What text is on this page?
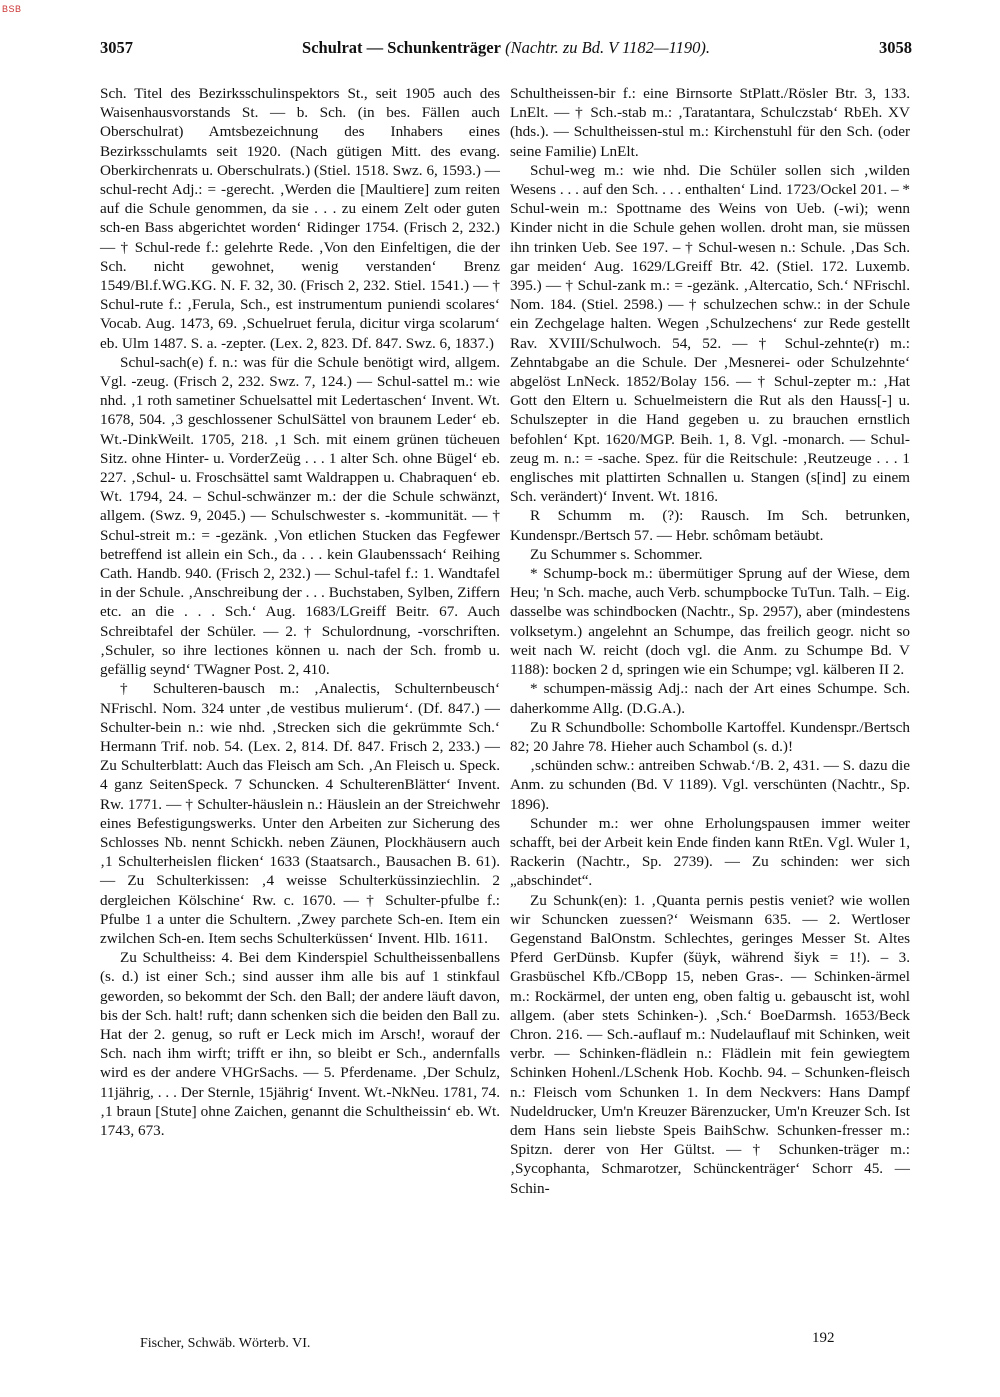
BSB
3057	Schulrat — Schunkenträger (Nachtr. zu Bd. V 1182—1190).	3058

Sch. Titel des Bezirksschulinspektors St., seit 1905 auch des Waisenhausvorstands St. — b. Sch. (in bes. Fällen auch Oberschulrat) Amtsbezeichnung des Inhabers eines Bezirksschulamts seit 1920. (Nach gütigen Mitt. des evang. Oberkirchenrats u. Oberschulrats.) (Stiel. 1518. Swz. 6, 1593.) — schul-recht Adj.: = -gerecht. ‚Werden die [Maultiere] zum reiten auf die Schule genommen, da sie . . . zu einem Zelt oder guten sch-en Bass abgerichtet worden‘ Ridinger 1754. (Frisch 2, 232.) — † Schul-rede f.: gelehrte Rede. ‚Von den Einfeltigen, die der Sch. nicht gewohnet, wenig verstanden‘ Brenz 1549/Bl.f.WG.KG. N. F. 32, 30. (Frisch 2, 232. Stiel. 1541.) — † Schul-rute f.: ‚Ferula, Sch., est instrumentum puniendi scolares‘ Vocab. Aug. 1473, 69. ‚Schuelruet ferula, dicitur virga scolarum‘ eb. Ulm 1487. S. a. -zepter. (Lex. 2, 823. Df. 847. Swz. 6, 1837.)

Schul-sach(e) f. n.: was für die Schule benötigt wird, allgem. Vgl. -zeug. (Frisch 2, 232. Swz. 7, 124.) — Schul-sattel m.: wie nhd. ‚1 roth sametiner Schuelsattel mit Ledertaschen‘ Invent. Wt. 1678, 504. ‚3 geschlossener SchulSättel von braunem Leder‘ eb. Wt.-DinkWeilt. 1705, 218. ‚1 Sch. mit einem grünen tücheuen Sitz. ohne Hinter- u. VorderZeüg . . . 1 alter Sch. ohne Bügel‘ eb. 227. ‚Schul- u. Froschsättel samt Waldrappen u. Chabraquen‘ eb. Wt. 1794, 24. – Schul-schwänzer m.: der die Schule schwänzt, allgem. (Swz. 9, 2045.) — Schulschwester s. -kommunität. — † Schul-streit m.: = -gezänk. ‚Von etlichen Stucken das Fegfewer betreffend ist allein ein Sch., da . . . kein Glaubenssach‘ Reihing Cath. Handb. 940. (Frisch 2, 232.) — Schul-tafel f.: 1. Wandtafel in der Schule. ‚Anschreibung der . . . Buchstaben, Sylben, Ziffern etc. an die . . . Sch.‘ Aug. 1683/LGreiff Beitr. 67. Auch Schreibtafel der Schüler. — 2. † Schulordnung, -vorschriften. ‚Schuler, so ihre lectiones können u. nach der Sch. fromb u. gefällig seynd‘ TWagner Post. 2, 410.

† Schulteren-bausch m.: ‚Analectis, Schulternbeusch‘ NFrischl. Nom. 324 unter ‚de vestibus mulierum‘. (Df. 847.) — Schulter-bein n.: wie nhd. ‚Strecken sich die gekrümmte Sch.‘ Hermann Trif. nob. 54. (Lex. 2, 814. Df. 847. Frisch 2, 233.) — Zu Schulterblatt: Auch das Fleisch am Sch. ‚An Fleisch u. Speck. 4 ganz SeitenSpeck. 7 Schuncken. 4 SchulterenBlätter‘ Invent. Rw. 1771. — † Schulter-häuslein n.: Häuslein an der Streichwehr eines Befestigungswerks. Unter den Arbeiten zur Sicherung des Schlosses Nb. nennt Schickh. neben Zäunen, Plockhäusern auch ‚1 Schulterheislen flicken‘ 1633 (Staatsarch., Bausachen B. 61). — Zu Schulterkissen: ‚4 weisse Schulterküssinziechlin. 2 dergleichen Kölschine‘ Rw. c. 1670. — † Schulter-pfulbe f.: Pfulbe 1 a unter die Schultern. ‚Zwey parchete Sch-en. Item ein zwilchen Sch-en. Item sechs Schulterküssen‘ Invent. Hlb. 1611.

Zu Schultheiss: 4. Bei dem Kinderspiel Schultheissenballens (s. d.) ist einer Sch.; sind ausser ihm alle bis auf 1 stinkfaul geworden, so bekommt der Sch. den Ball; der andere läuft davon, bis der Sch. halt! ruft; dann schenken sich die beiden den Ball zu. Hat der 2. genug, so ruft er Leck mich im Arsch!, worauf der Sch. nach ihm wirft; trifft er ihn, so bleibt er Sch., andernfalls wird es der andere VHGrSachs. — 5. Pferdename. ‚Der Schulz, 11jährig, . . . Der Sternle, 15jährig‘ Invent. Wt.-NkNeu. 1781, 74. ‚1 braun [Stute] ohne Zaichen, genannt die Schultheissin‘ eb. Wt. 1743, 673.

Schultheissen-bir f.: eine Birnsorte StPlatt./Rösler Btr. 3, 133. LnElt. — † Sch.-stab m.: ‚Taratantara, Schulczstab‘ RbEh. XV (hds.). — Schultheissen-stul m.: Kirchenstuhl für den Sch. (oder seine Familie) LnElt.

Schul-weg m.: wie nhd. Die Schüler sollen sich ‚wilden Wesens . . . auf den Sch. . . . enthalten‘ Lind. 1723/Ockel 201. – * Schul-wein m.: Spottname des Weins von Ueb. (-wi); wenn Kinder nicht in die Schule gehen wollen. droht man, sie müssen ihn trinken Ueb. See 197. – † Schul-wesen n.: Schule. ‚Das Sch. gar meiden‘ Aug. 1629/LGreiff Btr. 42. (Stiel. 172. Luxemb. 395.) — † Schul-zank m.: = -gezänk. ‚Altercatio, Sch.‘ NFrischl. Nom. 184. (Stiel. 2598.) — † schulzechen schw.: in der Schule ein Zechgelage halten. Wegen ‚Schulzechens‘ zur Rede gestellt Rav. XVIII/Schulwoch. 54, 52. — † Schul-zehnte(r) m.: Zehntabgabe an die Schule. Der ‚Mesnerei- oder Schulzehnte‘ abgelöst LnNeck. 1852/Bolay 156. — † Schul-zepter m.: ‚Hat Gott den Eltern u. Schuelmeistern die Rut als den Hauss[-] u. Schulszepter in die Hand gegeben u. zu brauchen ernstlich befohlen‘ Kpt. 1620/MGP. Beih. 1, 8. Vgl. -monarch. — Schul-zeug m. n.: = -sache. Spez. für die Reitschule: ‚Reutzeuge . . . 1 englisches mit plattirten Schnallen u. Stangen (s[ind] zu einem Sch. verändert)‘ Invent. Wt. 1816.

R Schumm m. (?): Rausch. Im Sch. betrunken, Kundenspr./Bertsch 57. — Hebr. schômam betäubt.

Zu Schummer s. Schommer.

* Schump-bock m.: übermütiger Sprung auf der Wiese, dem Heu; 'n Sch. mache, auch Verb. schumpbocke TuTun. Talh. – Eig. dasselbe was schindbocken (Nachtr., Sp. 2957), aber (mindestens volksetym.) angelehnt an Schumpe, das freilich geogr. nicht so weit nach W. reicht (doch vgl. die Anm. zu Schumpe Bd. V 1188): bocken 2 d, springen wie ein Schumpe; vgl. kälberen II 2.

* schumpen-mässig Adj.: nach der Art eines Schumpe. Sch. daherkomme Allg. (D.G.A.).

Zu R Schundbolle: Schombolle Kartoffel. Kundenspr./Bertsch 82; 20 Jahre 78. Hieher auch Schambol (s. d.)!

‚schünden schw.: antreiben Schwab.‘/B. 2, 431. — S. dazu die Anm. zu schunden (Bd. V 1189). Vgl. verschünten (Nachtr., Sp. 1896).

Schunder m.: wer ohne Erholungspausen immer weiter schafft, bei der Arbeit kein Ende finden kann RtEn. Vgl. Wuler 1, Rackerin (Nachtr., Sp. 2739). — Zu schinden: wer sich „abschindet“.

Zu Schunk(en): 1. ‚Quanta pernis pestis veniet? wie wollen wir Schuncken zuessen?‘ Weismann 635. — 2. Wertloser Gegenstand BalOnstm. Schlechtes, geringes Messer St. Altes Pferd GerDünsb. Kupfer (šüyk, während šiyk = 1!). – 3. Grasbüschel Kfb./CBopp 15, neben Gras-. — Schinken-ärmel m.: Rockärmel, der unten eng, oben faltig u. gebauscht ist, wohl allgem. (aber stets Schinken-). ‚Sch.‘ BoeDarmsh. 1653/Beck Chron. 216. — Sch.-auflauf m.: Nudelauflauf mit Schinken, weit verbr. — Schinken-flädlein n.: Flädlein mit fein gewiegtem Schinken Hohenl./LSchenk Hob. Kochb. 94. – Schunken-fleisch n.: Fleisch vom Schunken 1. In dem Neckvers: Hans Dampf Nudeldrucker, Um'n Kreuzer Bärenzucker, Um'n Kreuzer Sch. Ist dem Hans sein liebste Speis BaihSchw. Schunken-fresser m.: Spitzn. derer von Her Gültst. — † Schunken-träger m.: ‚Sycophanta, Schmarotzer, Schünckenträger‘ Schorr 45. — Schin-

Fischer, Schwäb. Wörterb. VI.	192
